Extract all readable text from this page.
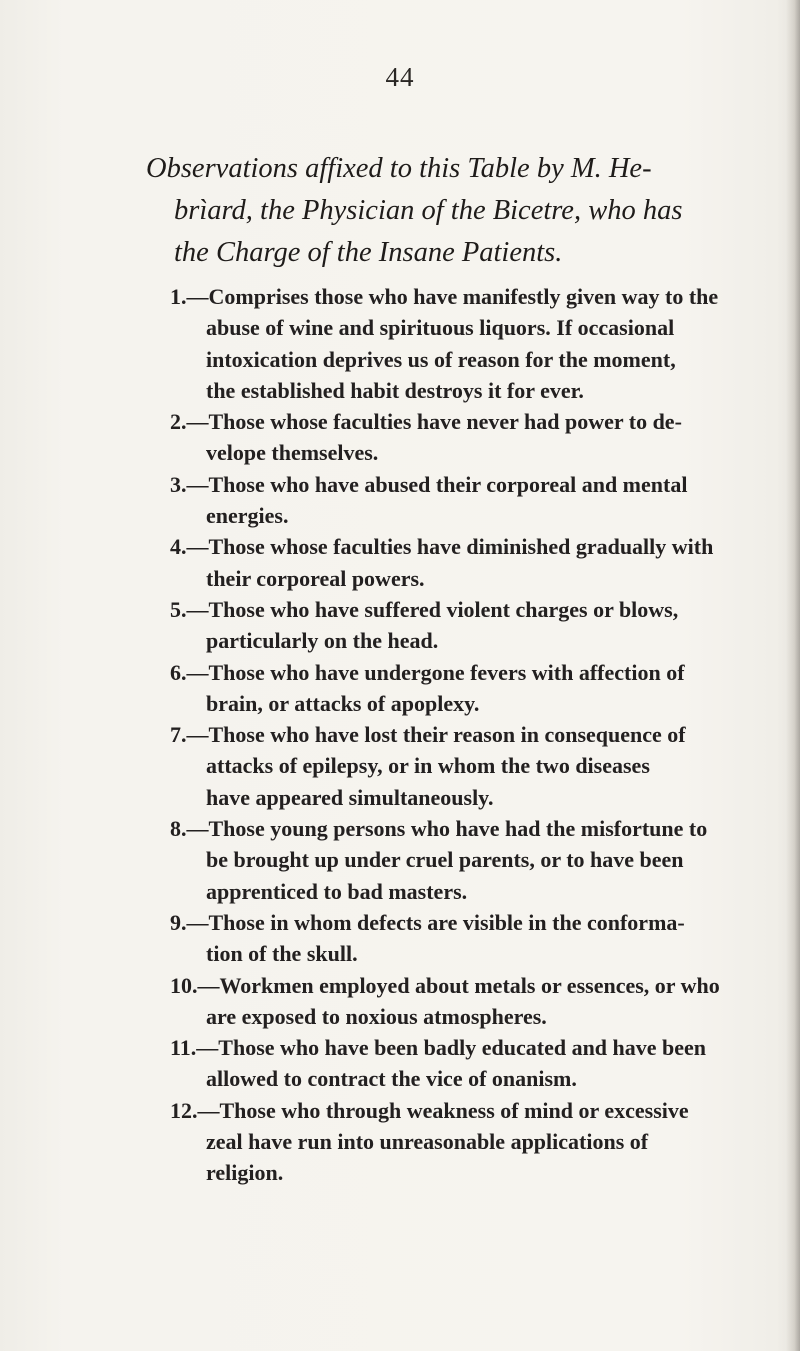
44
Observations affixed to this Table by M. He-
brìard, the Physician of the Bicetre, who has
the Charge of the Insane Patients.
1.—Comprises those who have manifestly given way to the
abuse of wine and spirituous liquors. If occasional
intoxication deprives us of reason for the moment,
the established habit destroys it for ever.
2.—Those whose faculties have never had power to de-
velope themselves.
3.—Those who have abused their corporeal and mental
energies.
4.—Those whose faculties have diminished gradually with
their corporeal powers.
5.—Those who have suffered violent charges or blows,
particularly on the head.
6.—Those who have undergone fevers with affection of
brain, or attacks of apoplexy.
7.—Those who have lost their reason in consequence of
attacks of epilepsy, or in whom the two diseases
have appeared simultaneously.
8.—Those young persons who have had the misfortune to
be brought up under cruel parents, or to have been
apprenticed to bad masters.
9.—Those in whom defects are visible in the conforma-
tion of the skull.
10.—Workmen employed about metals or essences, or who
are exposed to noxious atmospheres.
11.—Those who have been badly educated and have been
allowed to contract the vice of onanism.
12.—Those who through weakness of mind or excessive
zeal have run into unreasonable applications of
religion.
